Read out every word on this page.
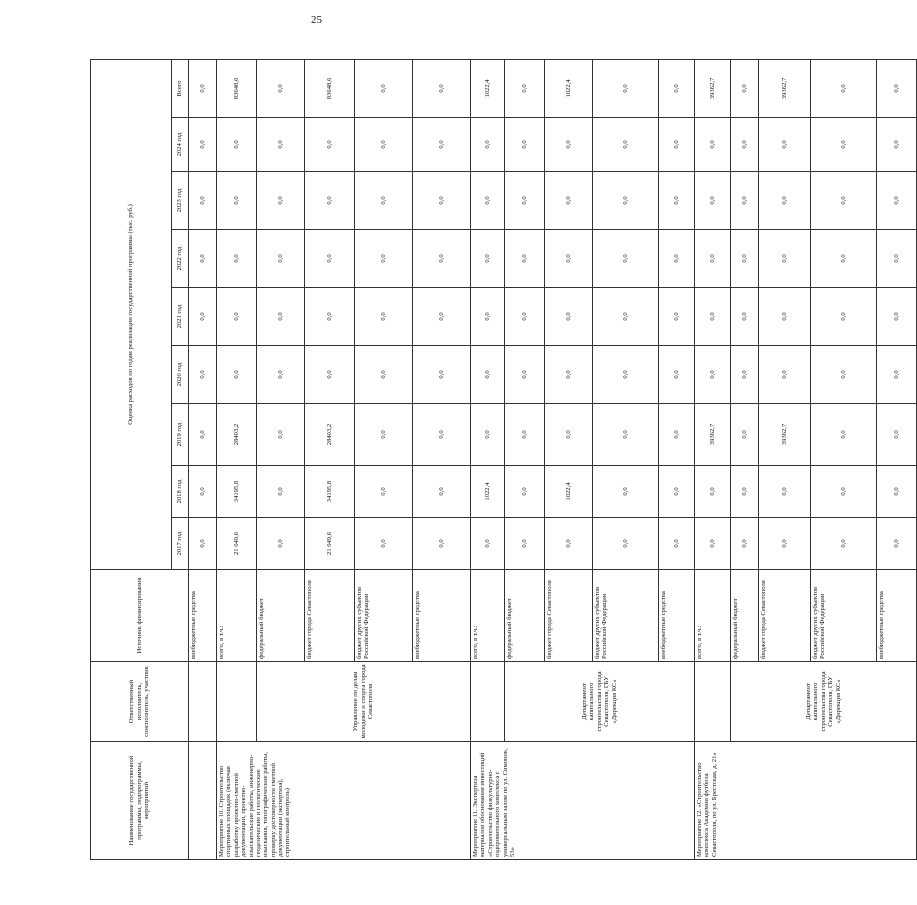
25
Наименование государственной программы, подпрограммы, мероприятий	Ответственный исполнитель, соисполнитель, участник	Источник финансирования	Оценка расходов по годам реализации государственной программы (тыс. руб.)								
			2017 год	2018 год	2019 год	2020 год	2021 год	2022 год	2023 год	2024 год	Всего
		внебюджетные средства	0,0	0,0	0,0	0,0	0,0	0,0	0,0	0,0	0,0
Мероприятие 10. Строительство спортивных площадок (включая разработку проектно-сметной документации, проектно-изыскательские работы, инженерно-геодезические и геологические изыскания, топографические работы, проверку достоверности сметной документации (экспертиза), строительный контроль)		всего, в т.ч.:	21 049,6	34195,8	28403,2	0,0	0,0	0,0	0,0	0,0	83648,6
	Управление по делам молодежи и спорта города Севастополя	федеральный бюджет	0,0	0,0	0,0	0,0	0,0	0,0	0,0	0,0	0,0
		бюджет города Севастополя	21 049,6	34195,8	28403,2	0,0	0,0	0,0	0,0	0,0	83648,6
		бюджет других субъектов Российской Федерации	0,0	0,0	0,0	0,0	0,0	0,0	0,0	0,0	0,0
		внебюджетные средства	0,0	0,0	0,0	0,0	0,0	0,0	0,0	0,0	0,0
Мероприятие 11. Экспертиза материалов обоснования инвестиций «Строительство физкультурно-оздоровительного комплекса с универсальным залом по ул. Симонок, 53»		всего, в т.ч.:	0,0	1022,4	0,0	0,0	0,0	0,0	0,0	0,0	1022,4
	Департамент капитального строительства города Севастополя, ГБУ «Дирекция КС»	федеральный бюджет	0,0	0,0	0,0	0,0	0,0	0,0	0,0	0,0	0,0
		бюджет города Севастополя	0,0	1022,4	0,0	0,0	0,0	0,0	0,0	0,0	1022,4
		бюджет других субъектов Российской Федерации	0,0	0,0	0,0	0,0	0,0	0,0	0,0	0,0	0,0
		внебюджетные средства	0,0	0,0	0,0	0,0	0,0	0,0	0,0	0,0	0,0
Мероприятие 12. «Строительство комплекса Академии футбола Севастополя, по ул. Брестская, д. 21»		всего, в т.ч.:	0,0	0,0	39362,7	0,0	0,0	0,0	0,0	0,0	39362,7
	Департамент капитального строительства города Севастополя, ГБУ «Дирекция КС»	федеральный бюджет	0,0	0,0	0,0	0,0	0,0	0,0	0,0	0,0	0,0
		бюджет города Севастополя	0,0	0,0	39362,7	0,0	0,0	0,0	0,0	0,0	39362,7
		бюджет других субъектов Российской Федерации	0,0	0,0	0,0	0,0	0,0	0,0	0,0	0,0	0,0
		внебюджетные средства	0,0	0,0	0,0	0,0	0,0	0,0	0,0	0,0	0,0
